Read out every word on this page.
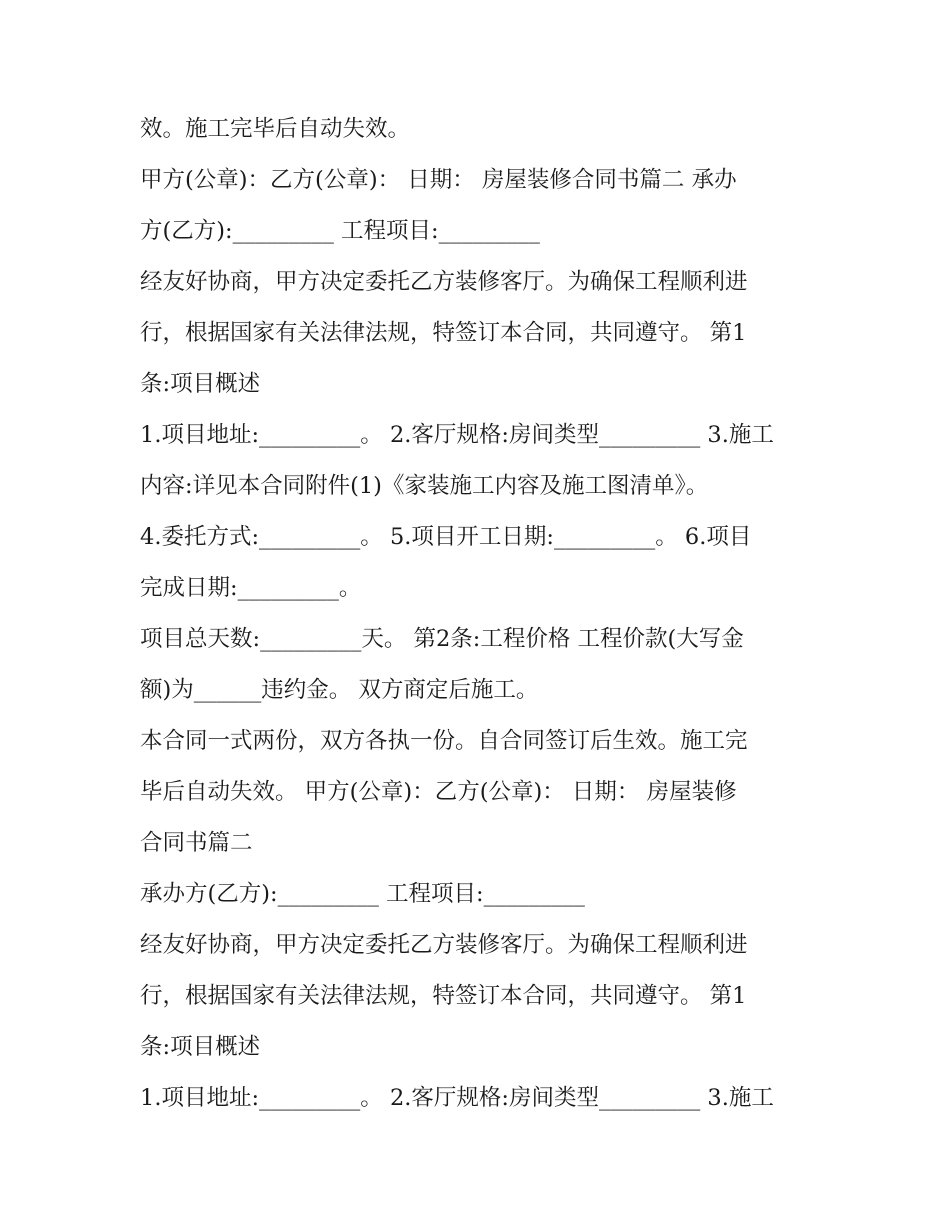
效。施工完毕后自动失效。
甲方(公章)：乙方(公章)： 日期： 房屋装修合同书篇二 承办
方(乙方):_________ 工程项目:_________
经友好协商，甲方决定委托乙方装修客厅。为确保工程顺利进
行，根据国家有关法律法规，特签订本合同，共同遵守。 第1
条:项目概述
1.项目地址:_________。 2.客厅规格:房间类型_________ 3.施工
内容:详见本合同附件(1)《家装施工内容及施工图清单》。
4.委托方式:_________。 5.项目开工日期:_________。 6.项目
完成日期:_________。
项目总天数:_________天。 第2条:工程价格 工程价款(大写金
额)为______违约金。 双方商定后施工。
本合同一式两份，双方各执一份。自合同签订后生效。施工完
毕后自动失效。 甲方(公章)：乙方(公章)： 日期： 房屋装修
合同书篇二
承办方(乙方):_________ 工程项目:_________
经友好协商，甲方决定委托乙方装修客厅。为确保工程顺利进
行，根据国家有关法律法规，特签订本合同，共同遵守。 第1
条:项目概述
1.项目地址:_________。 2.客厅规格:房间类型_________ 3.施工
